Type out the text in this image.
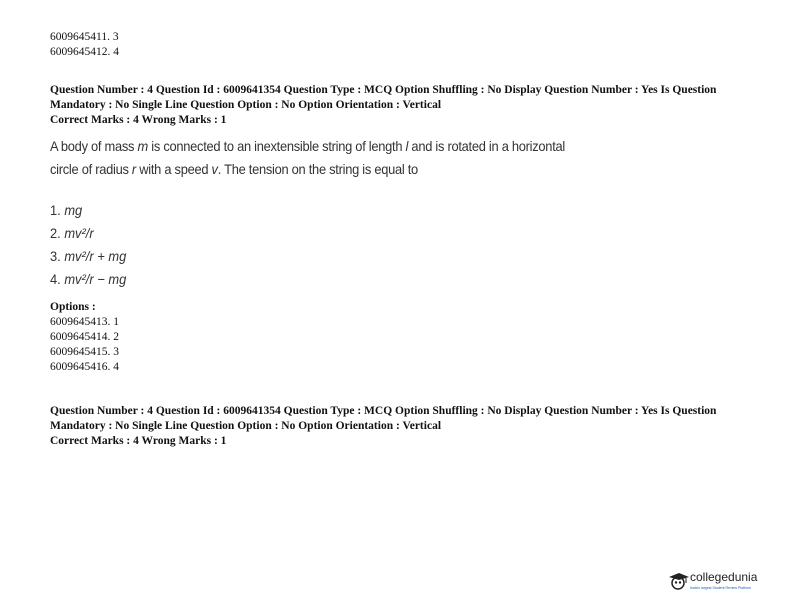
6009645411. 3
6009645412. 4
Question Number : 4 Question Id : 6009641354 Question Type : MCQ Option Shuffling : No Display Question Number : Yes Is Question
Mandatory : No Single Line Question Option : No Option Orientation : Vertical
Correct Marks : 4 Wrong Marks : 1
A body of mass m is connected to an inextensible string of length l and is rotated in a horizontal
circle of radius r with a speed v. The tension on the string is equal to
1. mg
2. mv²/r
3. mv²/r + mg
4. mv²/r − mg
Options :
6009645413. 1
6009645414. 2
6009645415. 3
6009645416. 4
Question Number : 4 Question Id : 6009641354 Question Type : MCQ Option Shuffling : No Display Question Number : Yes Is Question
Mandatory : No Single Line Question Option : No Option Orientation : Vertical
Correct Marks : 4 Wrong Marks : 1
collegedunia
India's largest Student Review Platform
